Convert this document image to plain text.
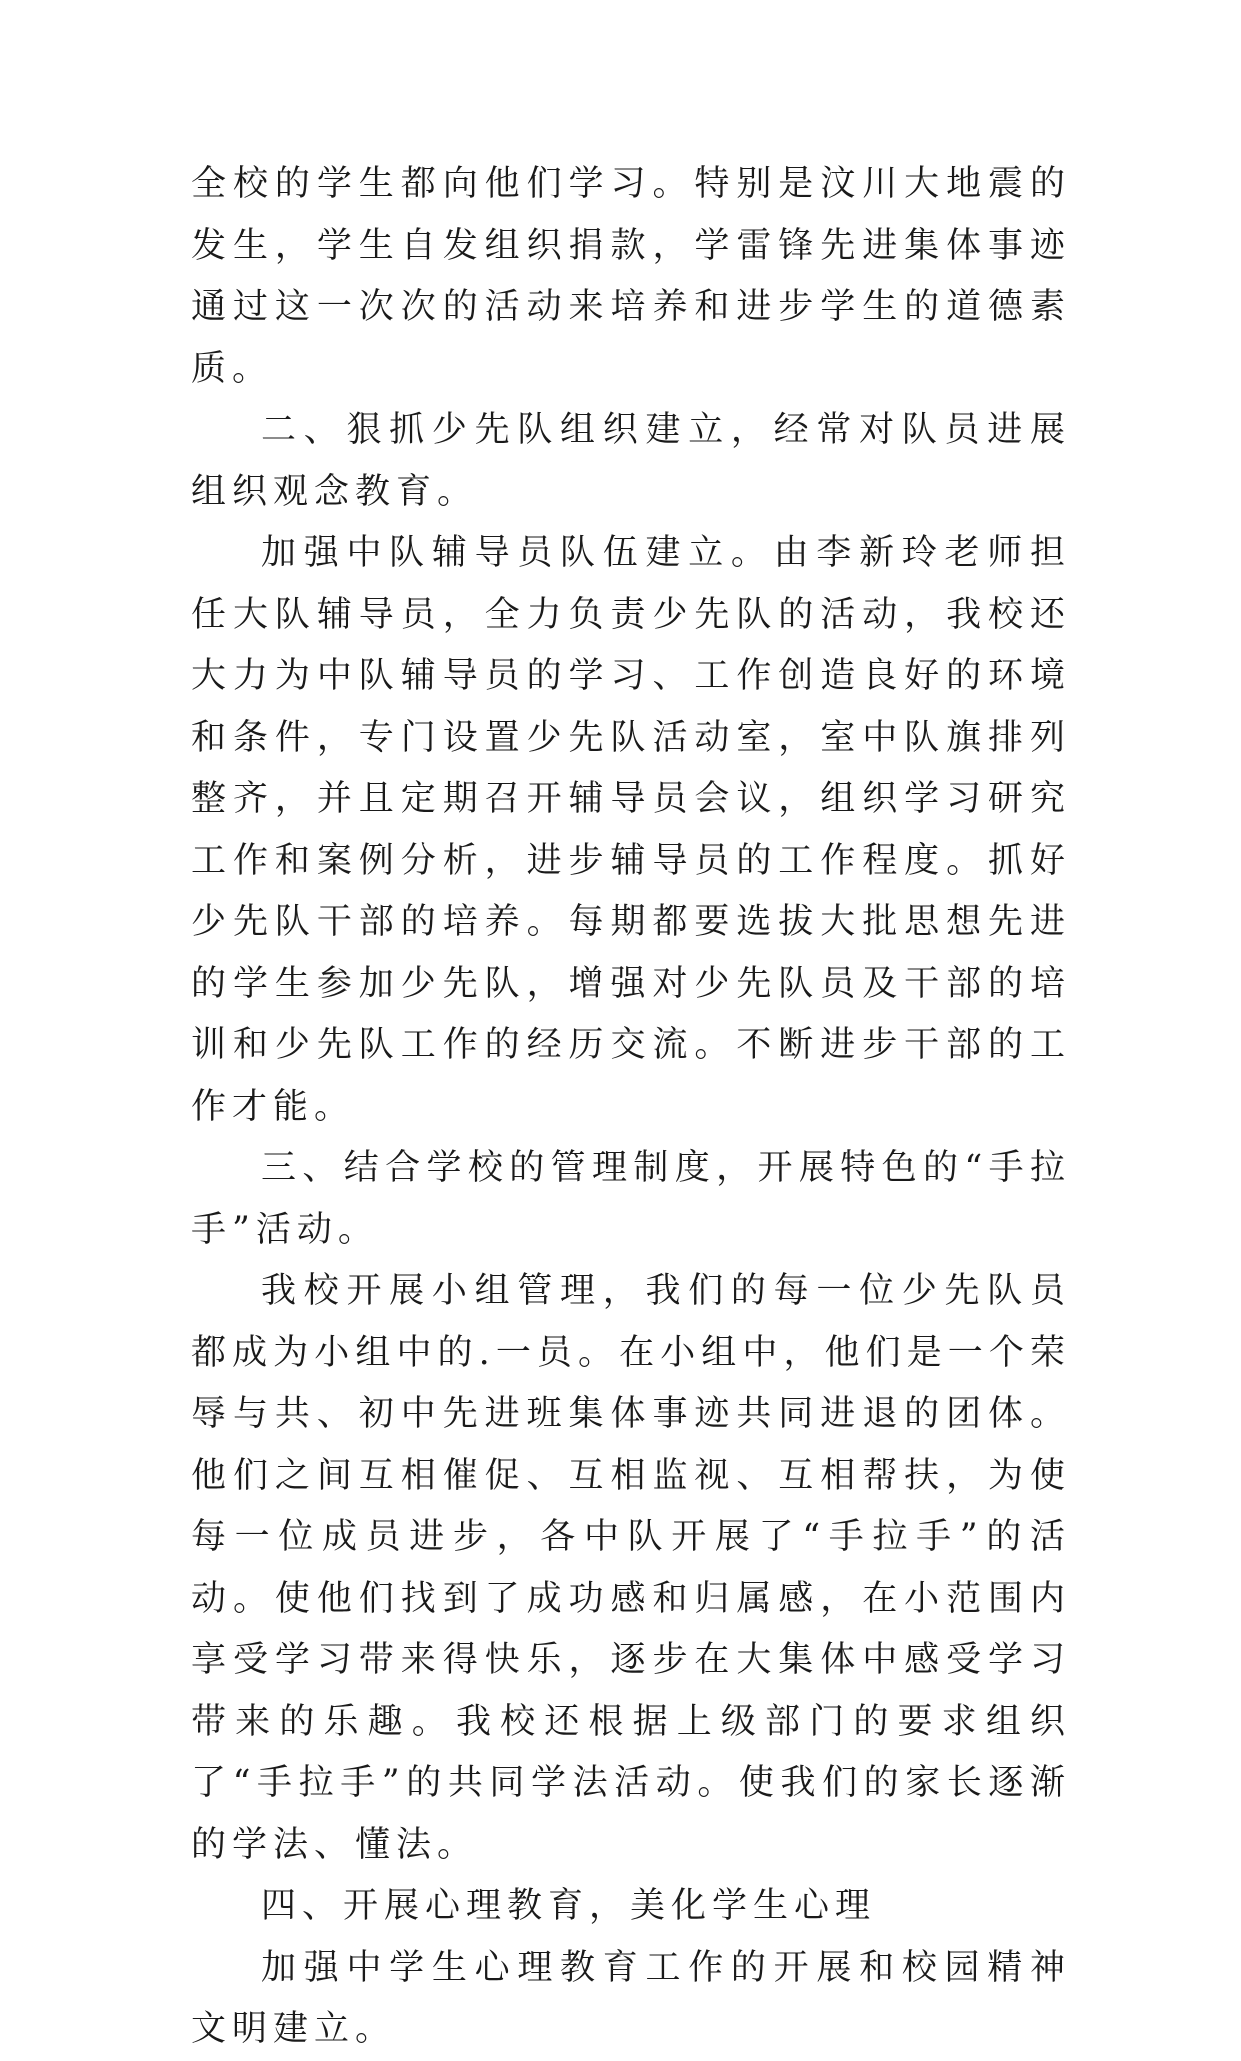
全校的学生都向他们学习。特别是汶川大地震的发生，学生自发组织捐款，学雷锋先进集体事迹通过这一次次的活动来培养和进步学生的道德素质。

二、狠抓少先队组织建立，经常对队员进展组织观念教育。

加强中队辅导员队伍建立。由李新玲老师担任大队辅导员，全力负责少先队的活动，我校还大力为中队辅导员的学习、工作创造良好的环境和条件，专门设置少先队活动室，室中队旗排列整齐，并且定期召开辅导员会议，组织学习研究工作和案例分析，进步辅导员的工作程度。抓好少先队干部的培养。每期都要选拔大批思想先进的学生参加少先队，增强对少先队员及干部的培训和少先队工作的经历交流。不断进步干部的工作才能。

三、结合学校的管理制度，开展特色的“手拉手”活动。

我校开展小组管理，我们的每一位少先队员都成为小组中的.一员。在小组中，他们是一个荣辱与共、初中先进班集体事迹共同进退的团体。他们之间互相催促、互相监视、互相帮扶，为使每一位成员进步，各中队开展了“手拉手”的活动。使他们找到了成功感和归属感，在小范围内享受学习带来得快乐，逐步在大集体中感受学习带来的乐趣。我校还根据上级部门的要求组织了“手拉手”的共同学法活动。使我们的家长逐渐的学法、懂法。

四、开展心理教育，美化学生心理

加强中学生心理教育工作的开展和校园精神文明建立。
